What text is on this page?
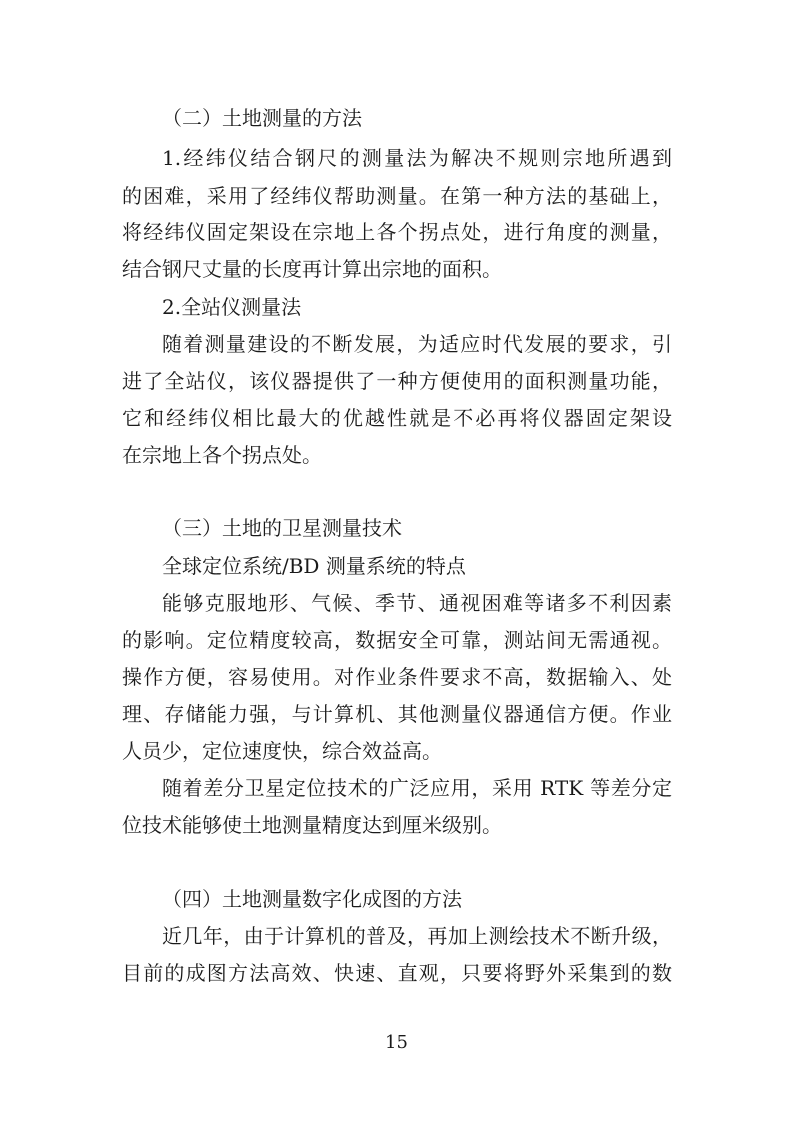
（二）土地测量的方法
1.经纬仪结合钢尺的测量法为解决不规则宗地所遇到
的困难，采用了经纬仪帮助测量。在第一种方法的基础上，
将经纬仪固定架设在宗地上各个拐点处，进行角度的测量，
结合钢尺丈量的长度再计算出宗地的面积。
2.全站仪测量法
随着测量建设的不断发展，为适应时代发展的要求，引
进了全站仪，该仪器提供了一种方便使用的面积测量功能，
它和经纬仪相比最大的优越性就是不必再将仪器固定架设
在宗地上各个拐点处。
（三）土地的卫星测量技术
全球定位系统/BD 测量系统的特点
能够克服地形、气候、季节、通视困难等诸多不利因素
的影响。定位精度较高，数据安全可靠，测站间无需通视。
操作方便，容易使用。对作业条件要求不高，数据输入、处
理、存储能力强，与计算机、其他测量仪器通信方便。作业
人员少，定位速度快，综合效益高。
随着差分卫星定位技术的广泛应用，采用 RTK 等差分定
位技术能够使土地测量精度达到厘米级别。
（四）土地测量数字化成图的方法
近几年，由于计算机的普及，再加上测绘技术不断升级，
目前的成图方法高效、快速、直观，只要将野外采集到的数
15
